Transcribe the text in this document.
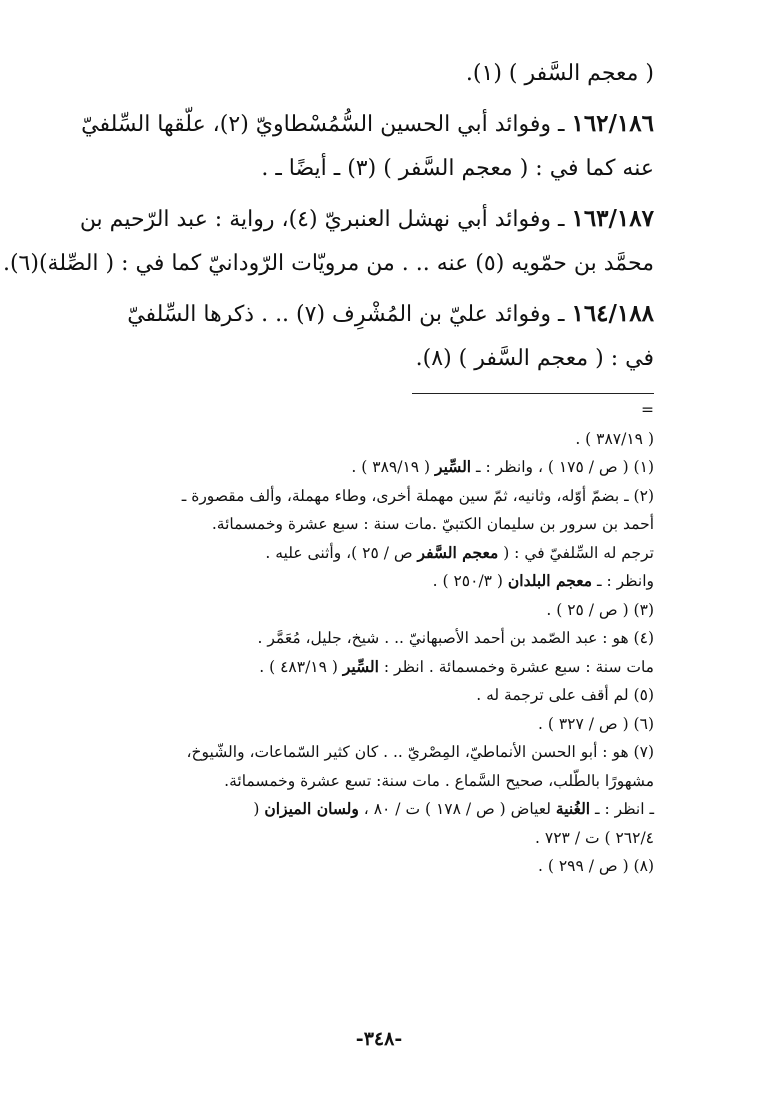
( معجم السَّفر ) (١).

١٦٢/١٨٦ ـ وفوائد أبي الحسين السُّمُسْطاويّ (٢)، علّقها السِّلفيّ

عنه كما في : ( معجم السَّفر ) (٣) ـ أيضًا ـ .

١٦٣/١٨٧ ـ وفوائد أبي نهشل العنبريّ (٤)، رواية : عبد الرّحيم بن

محمَّد بن حمّويه (٥) عنه .. . من مرويّات الرّودانيّ كما في : ( الصِّلة)(٦).

١٦٤/١٨٨ ـ وفوائد عليّ بن المُشْرِف (٧) .. . ذكرها السِّلفيّ

في : ( معجم السَّفر ) (٨).

=

( ٣٨٧/١٩ ) .

(١) ( ص / ١٧٥ ) ، وانظر : ـ السِّير ( ٣٨٩/١٩ ) .

(٢) ـ بضمّ أوّله، وثانيه، ثمّ سين مهملة أخرى، وطاء مهملة، وألف مقصورة ـ

أحمد بن سرور بن سليمان الكتبيّ .مات سنة : سبع عشرة وخمسمائة.

ترجم له السِّلفيّ في : ( معجم السَّفر ص / ٢٥ )، وأثنى عليه .

وانظر : ـ معجم البلدان ( ٢٥٠/٣ ) .

(٣) ( ص / ٢٥ ) .

(٤) هو : عبد الصّمد بن أحمد الأصبهانيّ .. . شيخ، جليل، مُعَمَّر .

مات سنة : سبع عشرة وخمسمائة . انظر : السِّير ( ٤٨٣/١٩ ) .

(٥) لم أقف على ترجمة له .

(٦) ( ص / ٣٢٧ ) .

(٧) هو : أبو الحسن الأنماطيّ، المِصْريّ .. . كان كثير السّماعات، والشّيوخ،

مشهورًا بالطّلب، صحيح السَّماع . مات سنة: تسع عشرة وخمسمائة.

ـ انظر : ـ الغُنية لعياض ( ص / ١٧٨ ) ت / ٨٠ ، ولسان الميزان (

٢٦٢/٤ ) ت / ٧٢٣ .

(٨) ( ص / ٢٩٩ ) .

-٣٤٨-
